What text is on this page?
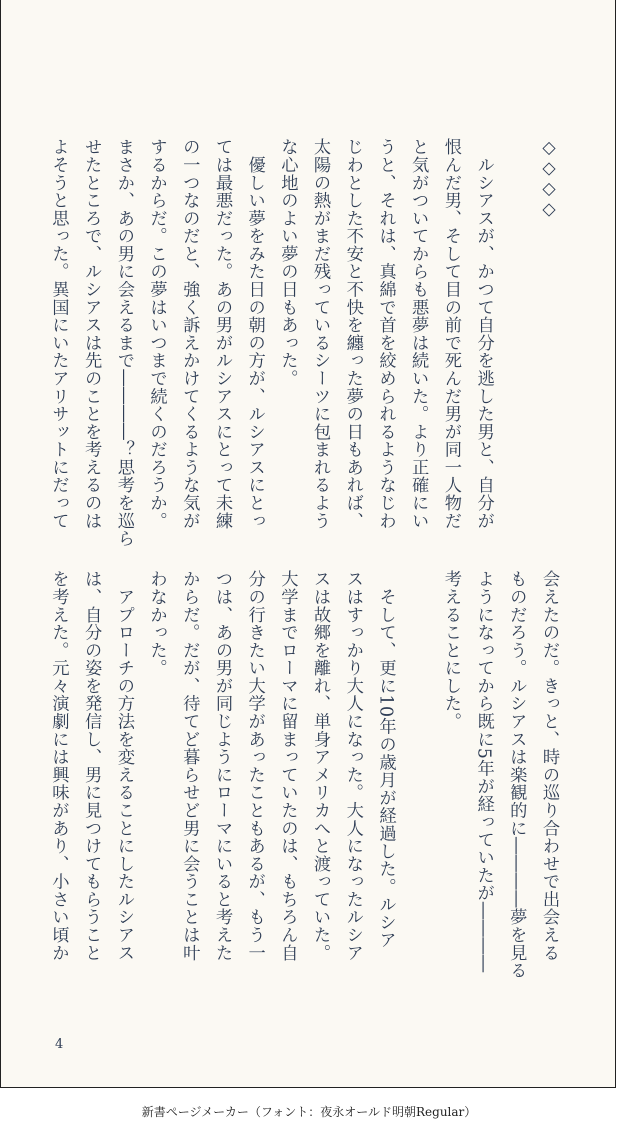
◇◇◇◇

　ルシアスが、かつて自分を逃した男と、自分が
恨んだ男、そして目の前で死んだ男が同一人物だ
と気がついてからも悪夢は続いた。より正確にい
うと、それは、真綿で首を絞められるようなじわ
じわとした不安と不快を纏った夢の日もあれば、
太陽の熱がまだ残っているシーツに包まれるよう
な心地のよい夢の日もあった。
　優しい夢をみた日の朝の方が、ルシアスにとっ
ては最悪だった。あの男がルシアスにとって未練
の一つなのだと、強く訴えかけてくるような気が
するからだ。この夢はいつまで続くのだろうか。
まさか、あの男に会えるまで――――？思考を巡ら
せたところで、ルシアスは先のことを考えるのは
よそうと思った。異国にいたアリサットにだって
会えたのだ。きっと、時の巡り合わせで出会える
ものだろう。ルシアスは楽観的に――――夢を見る
ようになってから既に5年が経っていたが――――
考えることにした。

　そして、更に10年の歳月が経過した。ルシア
スはすっかり大人になった。大人になったルシア
スは故郷を離れ、単身アメリカへと渡っていた。
大学までローマに留まっていたのは、もちろん自
分の行きたい大学があったこともあるが、もう一
つは、あの男が同じようにローマにいると考えた
からだ。だが、待てど暮らせど男に会うことは叶
わなかった。
　アプローチの方法を変えることにしたルシアス
は、自分の姿を発信し、男に見つけてもらうこと
を考えた。元々演劇には興味があり、小さい頃か
4
新書ページメーカー（フォント：夜永オールド明朝Regular）
